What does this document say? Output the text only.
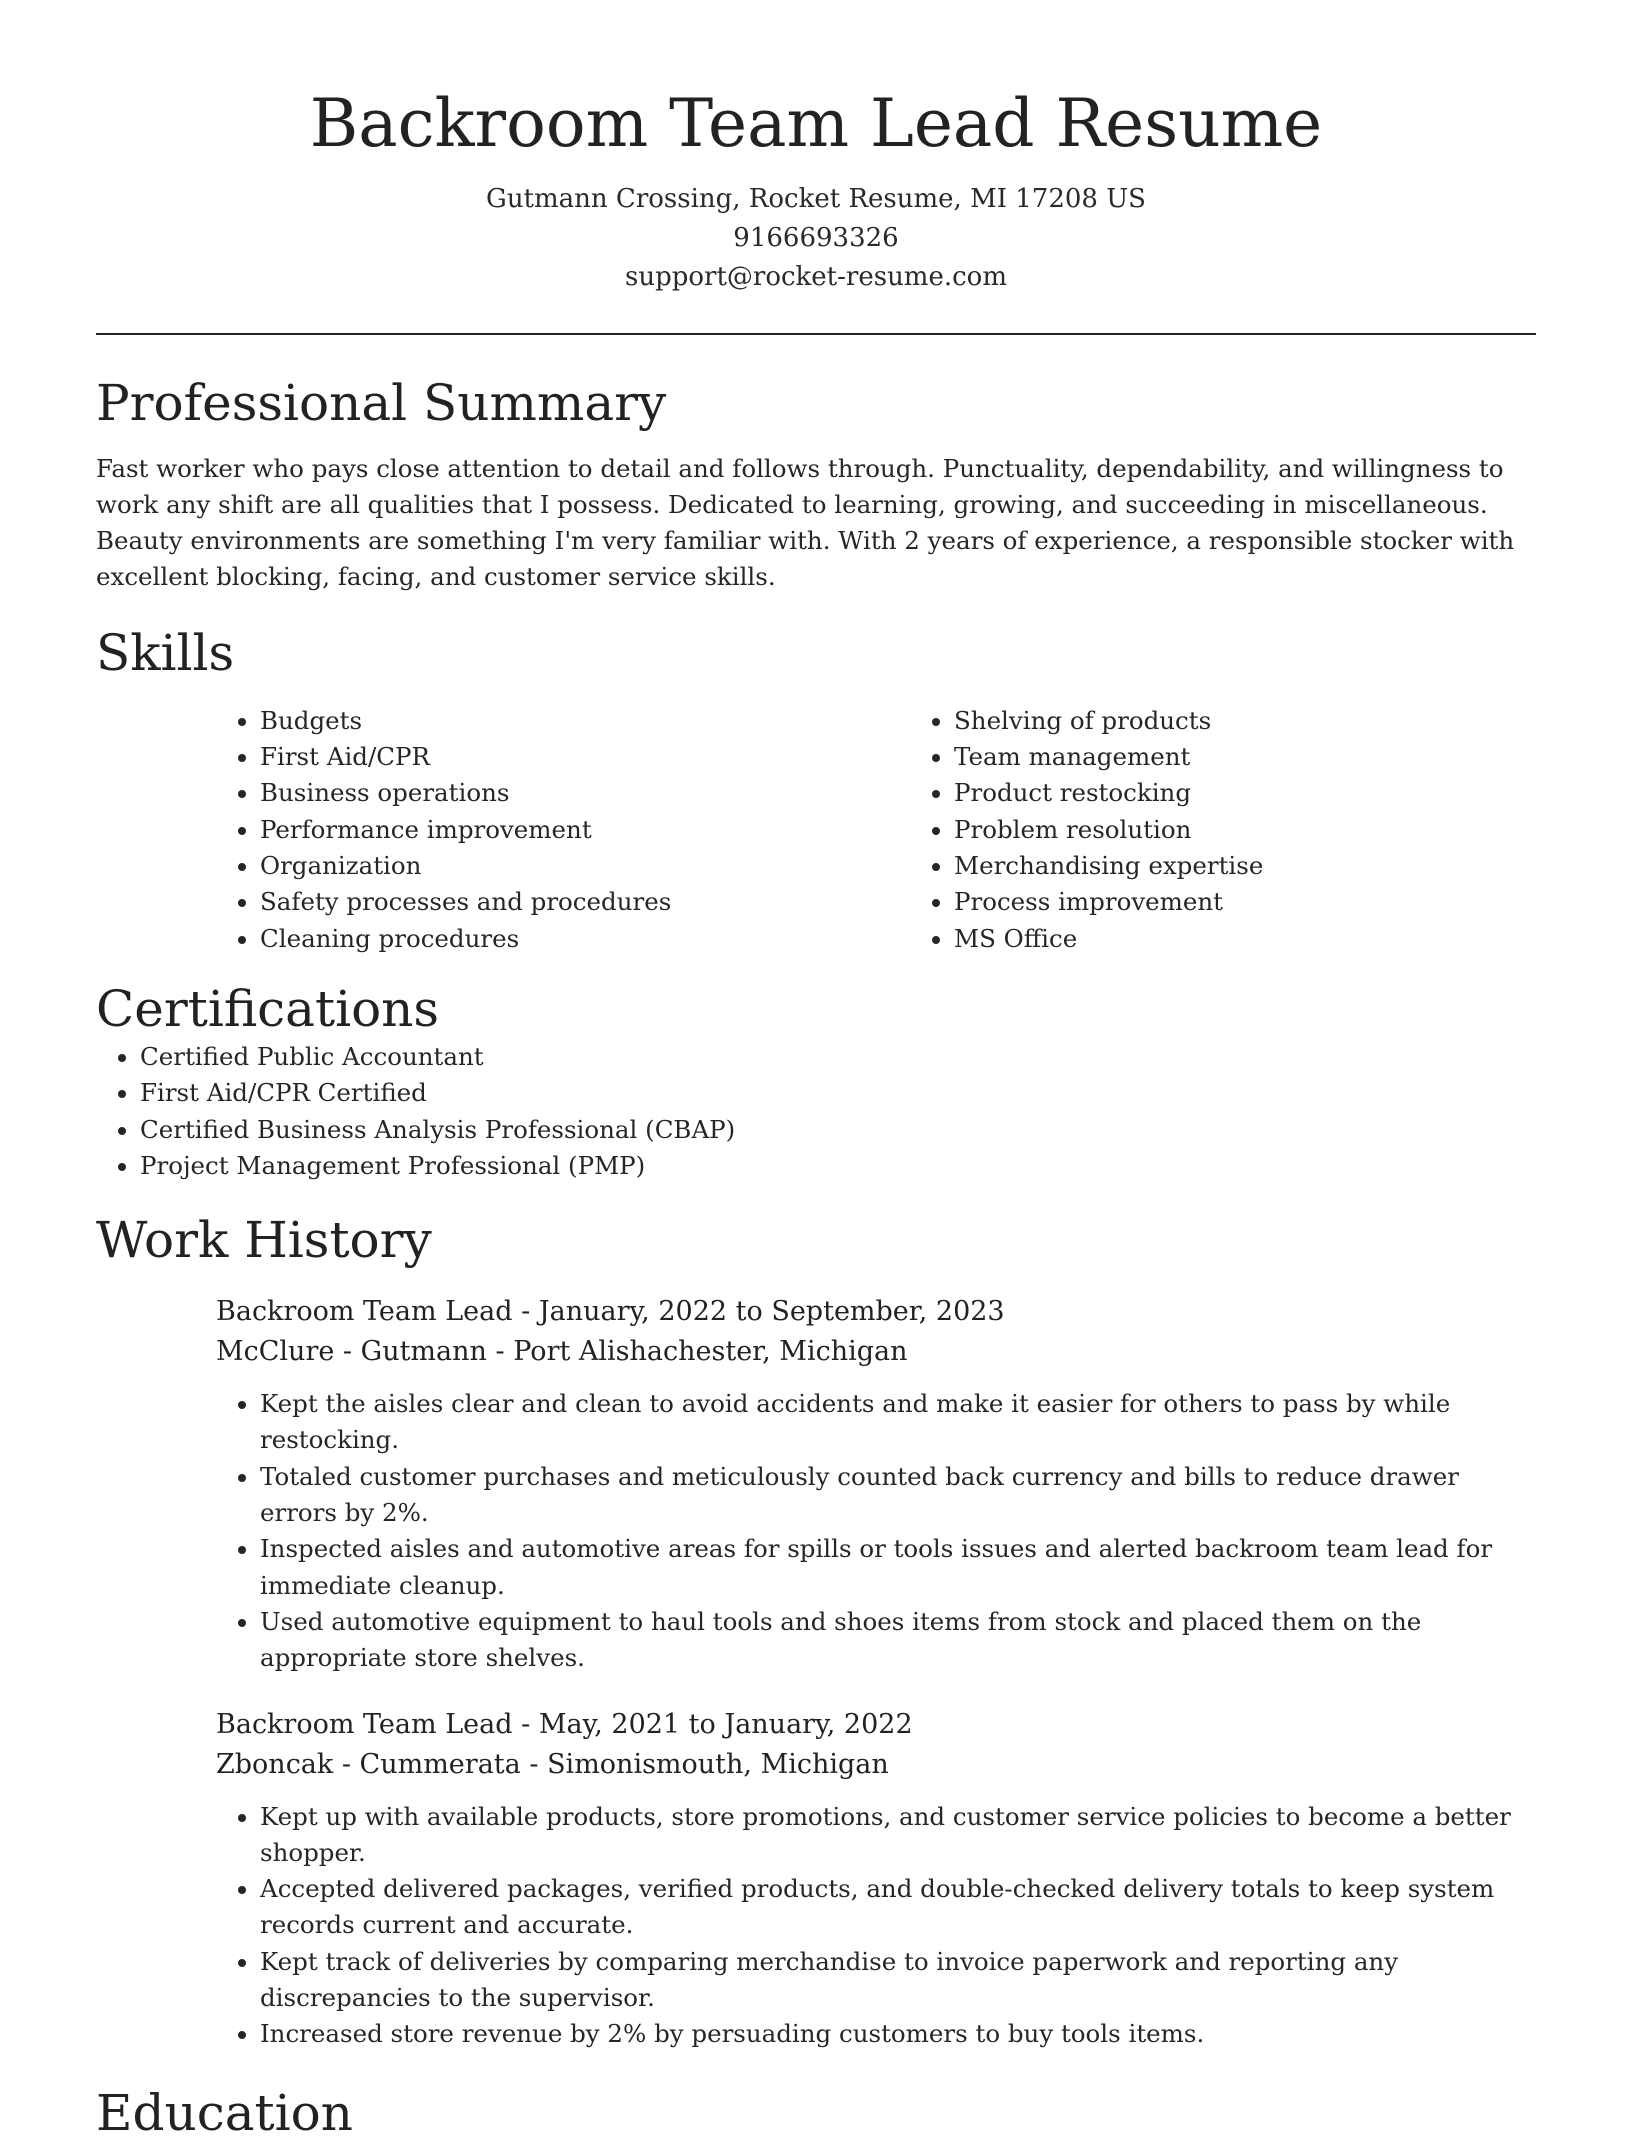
Backroom Team Lead Resume
Gutmann Crossing, Rocket Resume, MI 17208 US
9166693326
support@rocket-resume.com
Professional Summary

Fast worker who pays close attention to detail and follows through. Punctuality, dependability, and willingness to work any shift are all qualities that I possess. Dedicated to learning, growing, and succeeding in miscellaneous. Beauty environments are something I'm very familiar with. With 2 years of experience, a responsible stocker with excellent blocking, facing, and customer service skills.

Skills
• Budgets
• First Aid/CPR
• Business operations
• Performance improvement
• Organization
• Safety processes and procedures
• Cleaning procedures
• Shelving of products
• Team management
• Product restocking
• Problem resolution
• Merchandising expertise
• Process improvement
• MS Office
Certifications
• Certified Public Accountant
• First Aid/CPR Certified
• Certified Business Analysis Professional (CBAP)
• Project Management Professional (PMP)
Work History
Backroom Team Lead - January, 2022 to September, 2023
McClure - Gutmann - Port Alishachester, Michigan
• Kept the aisles clear and clean to avoid accidents and make it easier for others to pass by while restocking.
• Totaled customer purchases and meticulously counted back currency and bills to reduce drawer errors by 2%.
• Inspected aisles and automotive areas for spills or tools issues and alerted backroom team lead for immediate cleanup.
• Used automotive equipment to haul tools and shoes items from stock and placed them on the appropriate store shelves.
Backroom Team Lead - May, 2021 to January, 2022
Zboncak - Cummerata - Simonismouth, Michigan
• Kept up with available products, store promotions, and customer service policies to become a better shopper.
• Accepted delivered packages, verified products, and double-checked delivery totals to keep system records current and accurate.
• Kept track of deliveries by comparing merchandise to invoice paperwork and reporting any discrepancies to the supervisor.
• Increased store revenue by 2% by persuading customers to buy tools items.
Education
